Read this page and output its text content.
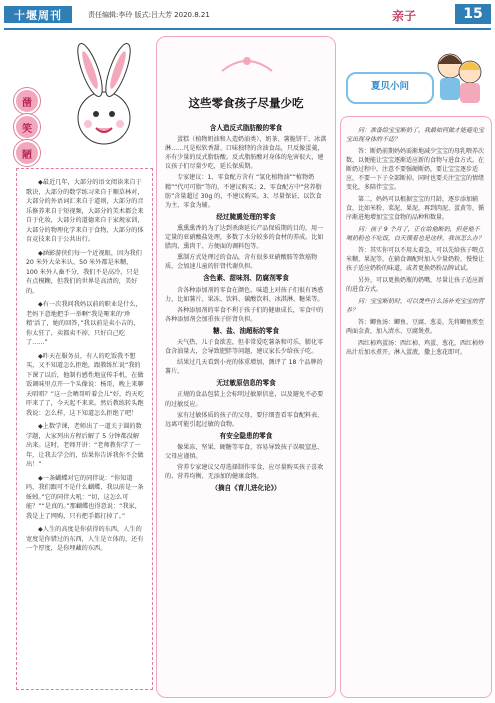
十堰周刊	责任编辑:李玲 版式:吕大芳 2020.8.21	亲子	15
凿
笑
陋

◆最近几年，大部分的语文阅读来自于歌诀，大部分的数学练习来自于顺草林对，大部分的外语词汇来自于道则，大部分的音乐修养来自于短视频，大部分的美术都会来自于化妆，大部分的道德来自于家规家训，大部分的物理化学来自于食物，大部分的体育竞技来自于公共出行。

◆涵影游侠们每一个近视眼，因为我们 20 米外大朵米认，50 米外都是米糊，100 米外人畜不分，我们不是高冷，只是有点模糊，但我们的世界是高清的，美好的。

◆有一次我问我妈以前的职业是什么，老妈下意地把手一举啊“我是哑来的‘珍精’活了，她的回答，”我以前是卖小吉的，你太狂了，卖都卖不掉，只好自己吃了……”

◆昨天在服务员，有人的吃饭我不想买，又不知道怎么拒绝，跟教练忙说“我的下课了以后，他制有感性地宣传手机，在做饭调味里点开一个头像说：杨哥，晚上来聊天唱唱？”这一会晒哥听着会儿“好，约天吃吓来了了，今天起不来来。然后教练转头跑我说：怎么样，这下知道怎么拒绝了吧！

◆上数学课，老师出了一道关于圆的数学题，大家列出方程后解了 5 分钟都没解出来。这时，老师开讲：“老师教你学了一年，让我去学会的，结果你告诉我你不会做出！”

◆一条蝴蝶对它的同伴说：“你知道吗，我们跟可不是什么蝴蝶，我以前是一条蚯蚓。”它的同伴大吼：“切，这怎么可能？”“是真的。”那蝴蝶也得意说：“我家，我是上了网购，只有把手都打掉了。”

◆人生的高度是你获得的东西，人生的宽度是你错过的东西，人生是立体的，还有一个厚度，是你埋藏的东西。

这些零食孩子尽量少吃
含人造反式脂肪酸的零食

蛋糕（植物奶油和人造奶油类）、奶茶、薯脆饼干、冰淇淋……凡是松软香甜、口味独特的含油食品，只反像蛋羹，亦有少量的反式脂肪酸。反式脂肪酸对身体的危害很大，建议孩子们尽量少吃，延长保质期。

专家建议：1、零食配方含有 “氢化植物油”“植物奶精”“代可可脂”等的，不建议购买；2、零食配方中“营养脂肪”含量超过 30g 的，不建议购买。3、尽量保证、以饮食为主、零食为辅。

经过腌熏处理的零食

熏熏熏香的为了达到杀菌延长产品保质期的目的，用一定量的亚硝酸盐处理，多数了水分较多的食材的养成。比如腊肉、熏肉干、方便面的调料包等。

熏制方式处理过的食品，含有很多亚硝酸胺等致癌物质，会加速儿童的肝肾代谢负担。

含色素、甜味剂、防腐剂零食

含各种添加剂的零食在颜色、味道上对孩子们很有诱惑力，比如薯片、果冻、饮料、碳酸饮料、冰淇淋、糖果等。

各种添加剂的零食不利于孩子们的健康成长，零食中的各种添加剂会加重孩子肝肾负担。

糖、盐、油超标的零食

天气热，儿子食欲差，但非常爱吃薯条和可乐，膨化零食含油量大，会导致肥胖等问题，建议家长少给孩子吃。

结果过几天看到小亮的体重增加，测评了 18 个品牌的薯片。

无过敏原信息的零食

正规的食品包装上会标明过敏原信息，以及避免不必要的过敏反应。

家有过敏体质的孩子的父母，要仔细查看零食配料表，远离可能引起过敏的食物。

有安全隐患的零食

像果冻、坚果、硬糖等零食，容易导致孩子误吸窒息，父母应谨慎。

营养专家建议父母选择制作零食，应尽量购买孩子喜欢的、营养均衡、无添加的健康食物。

（摘自《育儿进化论》）
夏贝小问

问：准备给宝宝断奶了，我最如何做才能避免宝宝出现身体的不适？

答：断奶前期妈妈需渐地减少宝宝的母乳喂养次数，以便能让宝宝逐渐适应新的食物与进食方式。在断奶过程中，注意不要强硬断奶，要让宝宝逐步适应，不要一下子全部断掉。同时也要关注宝宝的情绪变化，多陪伴宝宝。

第二，妈妈可以根据宝宝的月龄，逐步添加辅食，比如米粉、菜泥、果泥，再到肉泥、蛋黄等，循序渐进地增加宝宝食物的品种和数量。

问：孩子 9 个月了，正在给他断奶，但是他不喝奶粉也不吃饭，白天饿着也是这样，我该怎么办？

答：其实你可以不用太着急，可以先给孩子喂点米糊、果泥等，在辅食调配时加入少量奶粉，慢慢让孩子适应奶粉的味道，或者更换奶粉品牌试试。

另外，可以更换奶瓶的奶嘴，尽量让孩子适应新的进食方式。

问：宝宝断奶时，可以煲些什么汤补充宝宝的营养？

答：鲫鱼汤：鲫鱼、豆腐、葱姜，先将鲫鱼煎至两面金黄，加入清水、豆腐煲煮。

西红柿鸡蛋汤：西红柿、鸡蛋、葱花，西红柿炒出汁后加水煮开，淋入蛋液，撒上葱花即可。
